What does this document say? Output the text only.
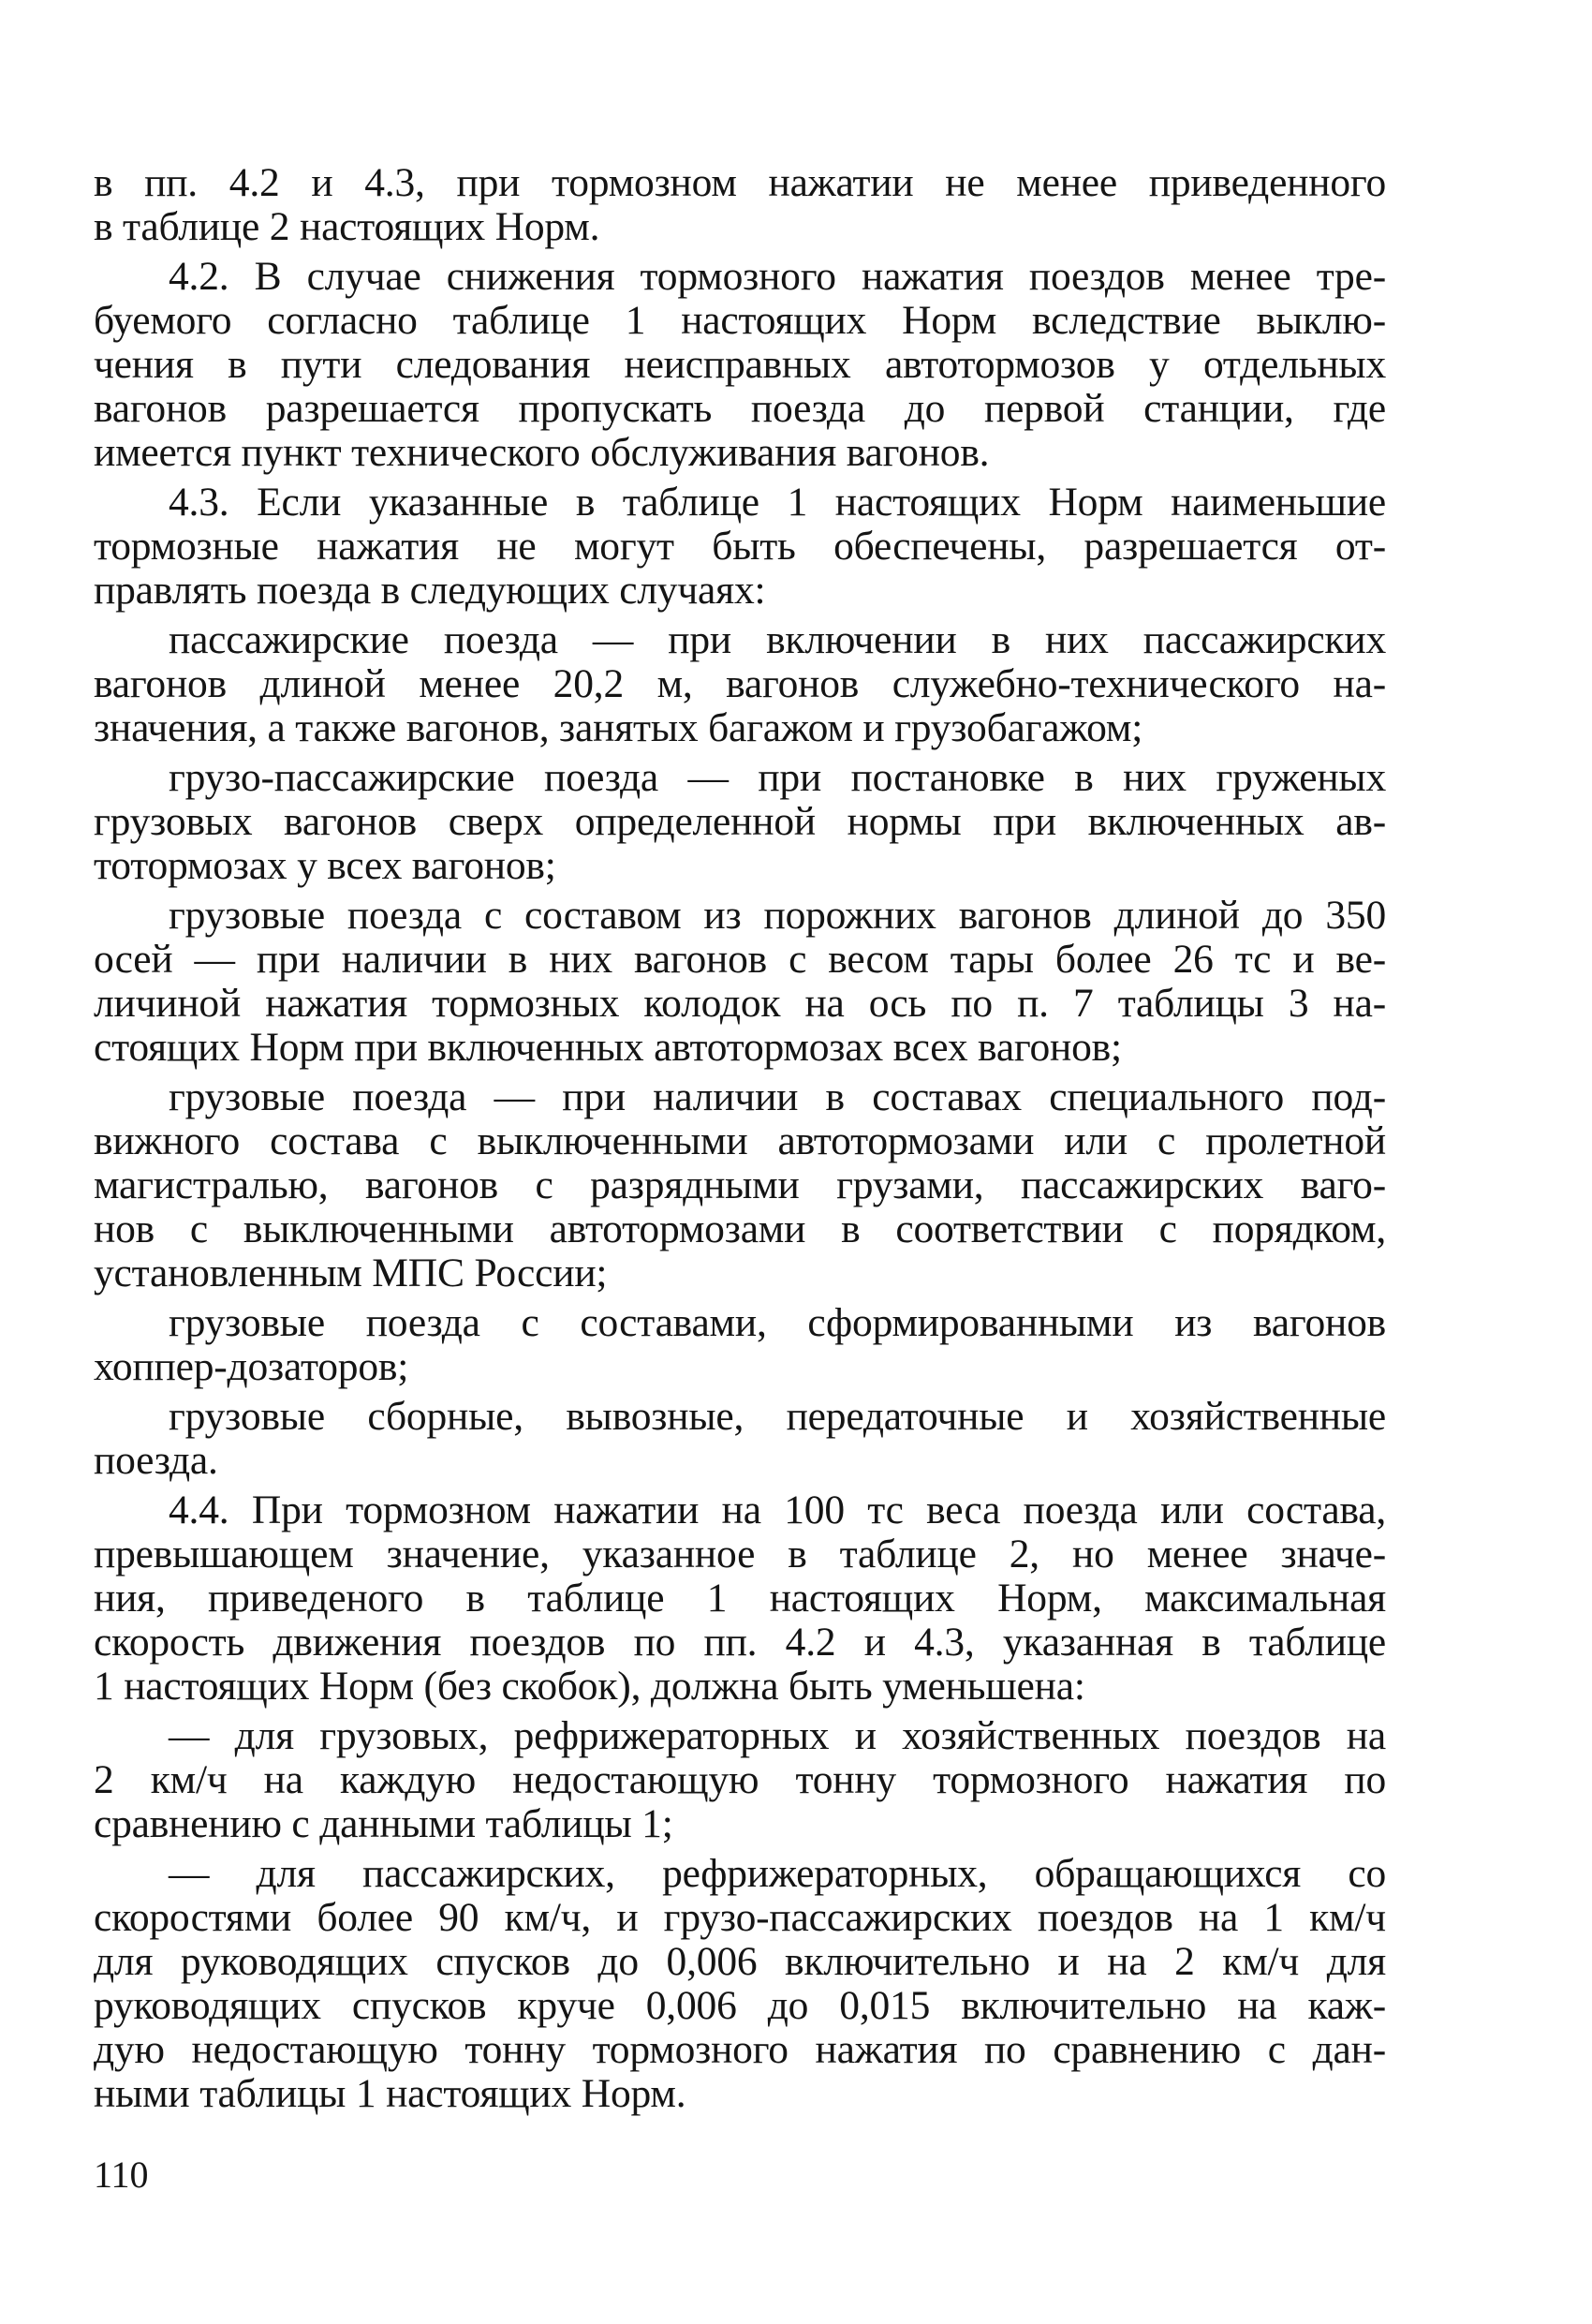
в пп. 4.2 и 4.3, при тормозном нажатии не менее приведенного
в таблице 2 настоящих Норм.
4.2. В случае снижения тормозного нажатия поездов менее тре-
буемого согласно таблице 1 настоящих Норм вследствие выклю-
чения в пути следования неисправных автотормозов у отдельных
вагонов разрешается пропускать поезда до первой станции, где
имеется пункт технического обслуживания вагонов.
4.3. Если указанные в таблице 1 настоящих Норм наименьшие
тормозные нажатия не могут быть обеспечены, разрешается от-
правлять поезда в следующих случаях:
пассажирские поезда — при включении в них пассажирских
вагонов длиной менее 20,2 м, вагонов служебно-технического на-
значения, а также вагонов, занятых багажом и грузобагажом;
грузо-пассажирские поезда — при постановке в них груженых
грузовых вагонов сверх определенной нормы при включенных ав-
тотормозах у всех вагонов;
грузовые поезда с составом из порожних вагонов длиной до 350
осей — при наличии в них вагонов с весом тары более 26 тс и ве-
личиной нажатия тормозных колодок на ось по п. 7 таблицы 3 на-
стоящих Норм при включенных автотормозах всех вагонов;
грузовые поезда — при наличии в составах специального под-
вижного состава с выключенными автотормозами или с пролетной
магистралью, вагонов с разрядными грузами, пассажирских ваго-
нов с выключенными автотормозами в соответствии с порядком,
установленным МПС России;
грузовые поезда с составами, сформированными из вагонов
хоппер-дозаторов;
грузовые сборные, вывозные, передаточные и хозяйственные
поезда.
4.4. При тормозном нажатии на 100 тс веса поезда или состава,
превышающем значение, указанное в таблице 2, но менее значе-
ния, приведеного в таблице 1 настоящих Норм, максимальная
скорость движения поездов по пп. 4.2 и 4.3, указанная в таблице
1 настоящих Норм (без скобок), должна быть уменьшена:
— для грузовых, рефрижераторных и хозяйственных поездов на
2 км/ч на каждую недостающую тонну тормозного нажатия по
сравнению с данными таблицы 1;
— для пассажирских, рефрижераторных, обращающихся со
скоростями более 90 км/ч, и грузо-пассажирских поездов на 1 км/ч
для руководящих спусков до 0,006 включительно и на 2 км/ч для
руководящих спусков круче 0,006 до 0,015 включительно на каж-
дую недостающую тонну тормозного нажатия по сравнению с дан-
ными таблицы 1 настоящих Норм.
110
